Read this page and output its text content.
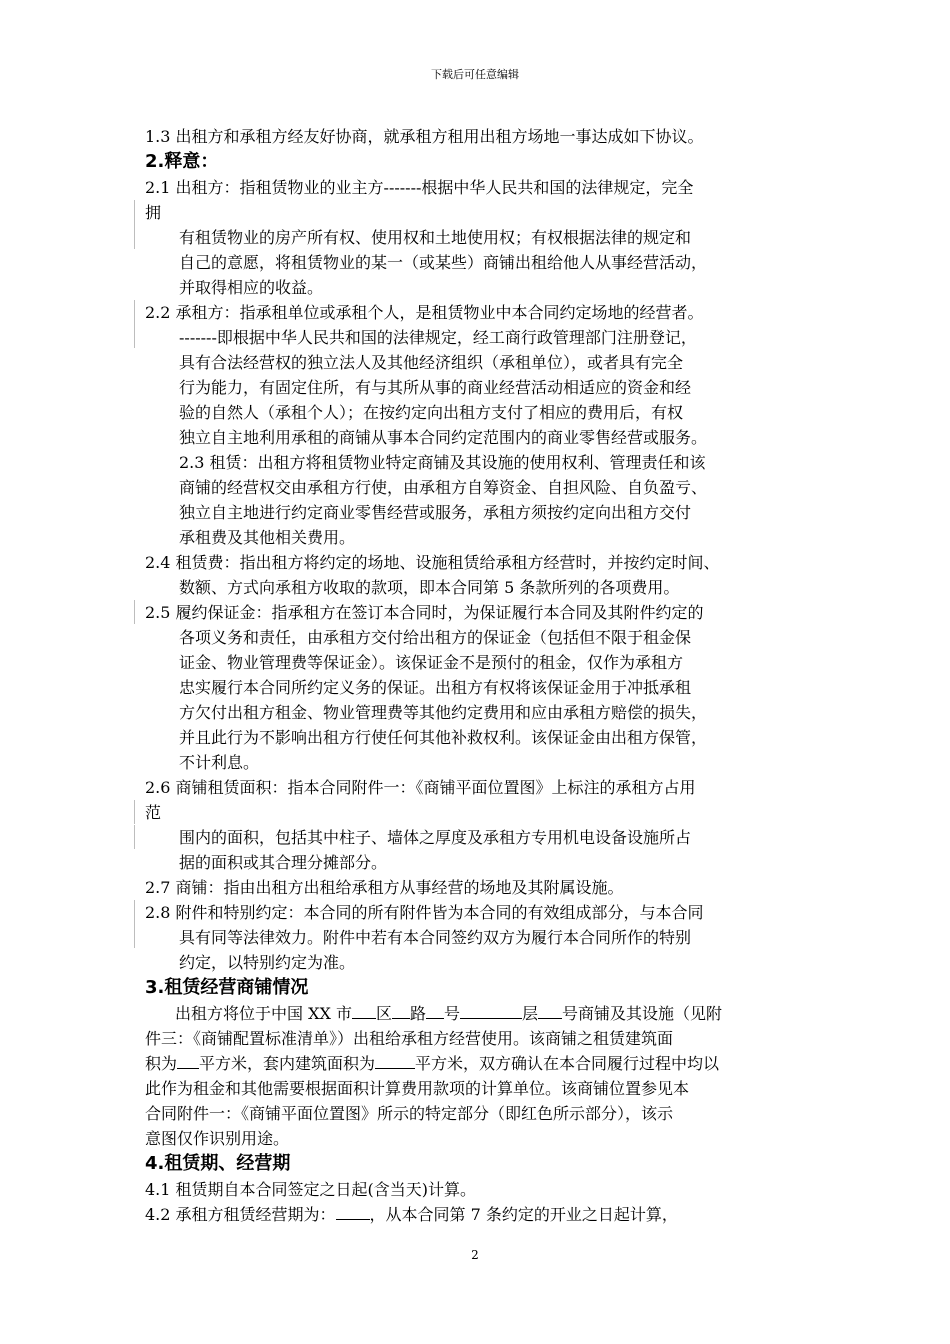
下载后可任意编辑
1.3 出租方和承租方经友好协商，就承租方租用出租方场地一事达成如下协议。
2.释意：
2.1 出租方：指租赁物业的业主方-------根据中华人民共和国的法律规定，完全
拥
有租赁物业的房产所有权、使用权和土地使用权；有权根据法律的规定和
自己的意愿，将租赁物业的某一（或某些）商铺出租给他人从事经营活动，
并取得相应的收益。
2.2 承租方：指承租单位或承租个人，是租赁物业中本合同约定场地的经营者。
-------即根据中华人民共和国的法律规定，经工商行政管理部门注册登记，
具有合法经营权的独立法人及其他经济组织（承租单位），或者具有完全
行为能力，有固定住所，有与其所从事的商业经营活动相适应的资金和经
验的自然人（承租个人）；在按约定向出租方支付了相应的费用后，有权
独立自主地利用承租的商铺从事本合同约定范围内的商业零售经营或服务。
2.3 租赁：出租方将租赁物业特定商铺及其设施的使用权利、管理责任和该
商铺的经营权交由承租方行使，由承租方自筹资金、自担风险、自负盈亏、
独立自主地进行约定商业零售经营或服务，承租方须按约定向出租方交付
承租费及其他相关费用。
2.4 租赁费：指出租方将约定的场地、设施租赁给承租方经营时，并按约定时间、
数额、方式向承租方收取的款项，即本合同第 5 条款所列的各项费用。
2.5 履约保证金：指承租方在签订本合同时，为保证履行本合同及其附件约定的
各项义务和责任，由承租方交付给出租方的保证金（包括但不限于租金保
证金、物业管理费等保证金）。该保证金不是预付的租金，仅作为承租方
忠实履行本合同所约定义务的保证。出租方有权将该保证金用于冲抵承租
方欠付出租方租金、物业管理费等其他约定费用和应由承租方赔偿的损失，
并且此行为不影响出租方行使任何其他补救权利。该保证金由出租方保管，
不计利息。
2.6 商铺租赁面积：指本合同附件一：《商铺平面位置图》上标注的承租方占用
范
围内的面积，包括其中柱子、墙体之厚度及承租方专用机电设备设施所占
据的面积或其合理分摊部分。
2.7 商铺：指由出租方出租给承租方从事经营的场地及其附属设施。
2.8 附件和特别约定：本合同的所有附件皆为本合同的有效组成部分，与本合同
具有同等法律效力。附件中若有本合同签约双方为履行本合同所作的特别
约定，以特别约定为准。
3.租赁经营商铺情况
出租方将位于中国 XX 市 区 路 号	层 号商铺及其设施（见附
件三：《商铺配置标准清单》）出租给承租方经营使用。该商铺之租赁建筑面
积为 平方米，套内建筑面积为	平方米，双方确认在本合同履行过程中均以
此作为租金和其他需要根据面积计算费用款项的计算单位。该商铺位置参见本
合同附件一：《商铺平面位置图》所示的特定部分（即红色所示部分），该示
意图仅作识别用途。
4.租赁期、经营期
4.1 租赁期自本合同签定之日起(含当天)计算。
4.2 承租方租赁经营期为： ，从本合同第 7 条约定的开业之日起计算，
2
